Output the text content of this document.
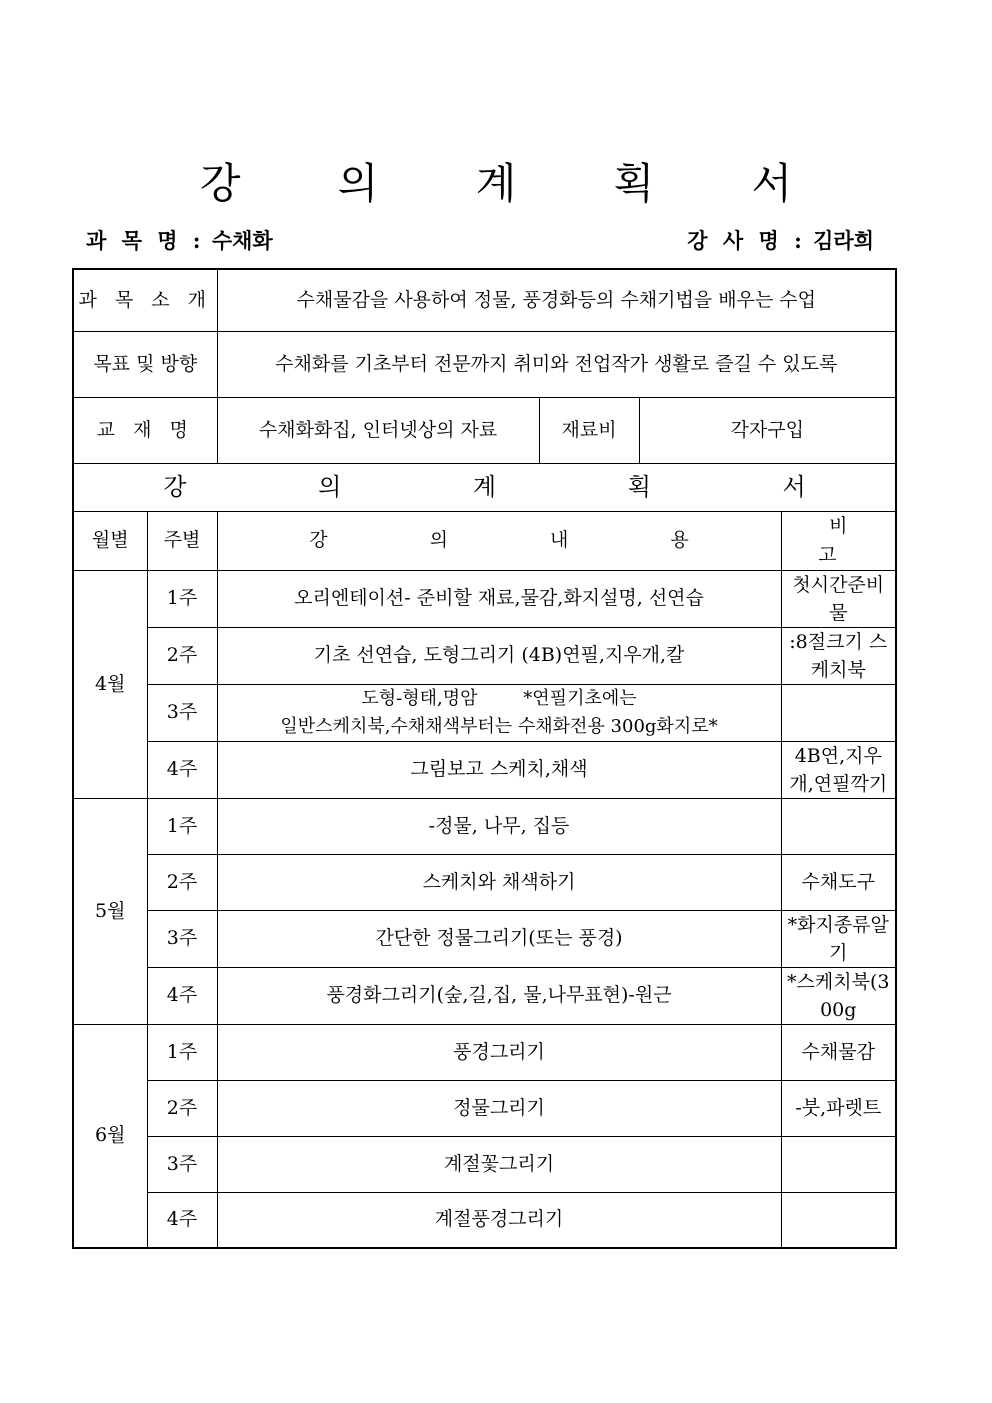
강 의 계 획 서
과 목 명 : 수채화	강 사 명 : 김라희
과 목 소 개		수채물감을 사용하여 정물, 풍경화등의 수채기법을 배우는 수업			
목표 및 방향		수채화를 기초부터 전문까지 취미와 전업작가 생활로 즐길 수 있도록			
교 재 명		수채화화집, 인터넷상의 자료	재료비	각자구입	
강 의 계 획 서					
월별	주별	강 의 내 용			비 고
4월	1주	오리엔테이션- 준비할 재료,물감,화지설명, 선연습			첫시간준비물
	2주	기초 선연습, 도형그리기 (4B)연필,지우개,칼			:8절크기 스케치북
	3주	도형-형태,명암        *연필기초에는
일반스케치북,수채채색부터는 수채화전용 300g화지로*			

	4주	그림보고 스케치,채색			4B연,지우개,연필깍기
5월	1주	-정물, 나무, 집등			
	2주	스케치와 채색하기			수채도구
	3주	간단한 정물그리기(또는 풍경)			*화지종류알기
	4주	풍경화그리기(숲,길,집, 물,나무표현)-원근			*스케치북(300g
6월	1주	풍경그리기			수채물감
	2주	정물그리기			-붓,파렛트
	3주	계절꽃그리기			
	4주	계절풍경그리기			
